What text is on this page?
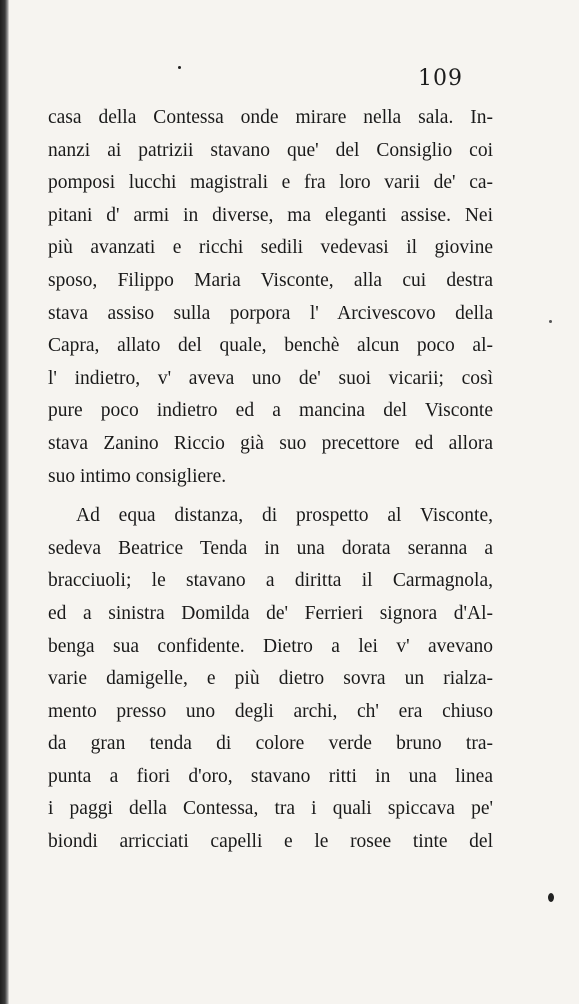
109
casa della Contessa onde mirare nella sala. In-
nanzi ai patrizii stavano que' del Consiglio coi
pomposi lucchi magistrali e fra loro varii de' ca-
pitani d' armi in diverse, ma eleganti assise. Nei
più avanzati e ricchi sedili vedevasi il giovine
sposo, Filippo Maria Visconte, alla cui destra
stava assiso sulla porpora l' Arcivescovo della
Capra, allato del quale, benchè alcun poco al-
l' indietro, v' aveva uno de' suoi vicarii; così
pure poco indietro ed a mancina del Visconte
stava Zanino Riccio già suo precettore ed allora
suo intimo consigliere.
Ad equa distanza, di prospetto al Visconte,
sedeva Beatrice Tenda in una dorata seranna a
bracciuoli; le stavano a diritta il Carmagnola,
ed a sinistra Domilda de' Ferrieri signora d'Al-
benga sua confidente. Dietro a lei v' avevano
varie damigelle, e più dietro sovra un rialza-
mento presso uno degli archi, ch' era chiuso
da gran tenda di colore verde bruno tra-
punta a fiori d'oro, stavano ritti in una linea
i paggi della Contessa, tra i quali spiccava pe'
biondi arricciati capelli e le rosee tinte del
